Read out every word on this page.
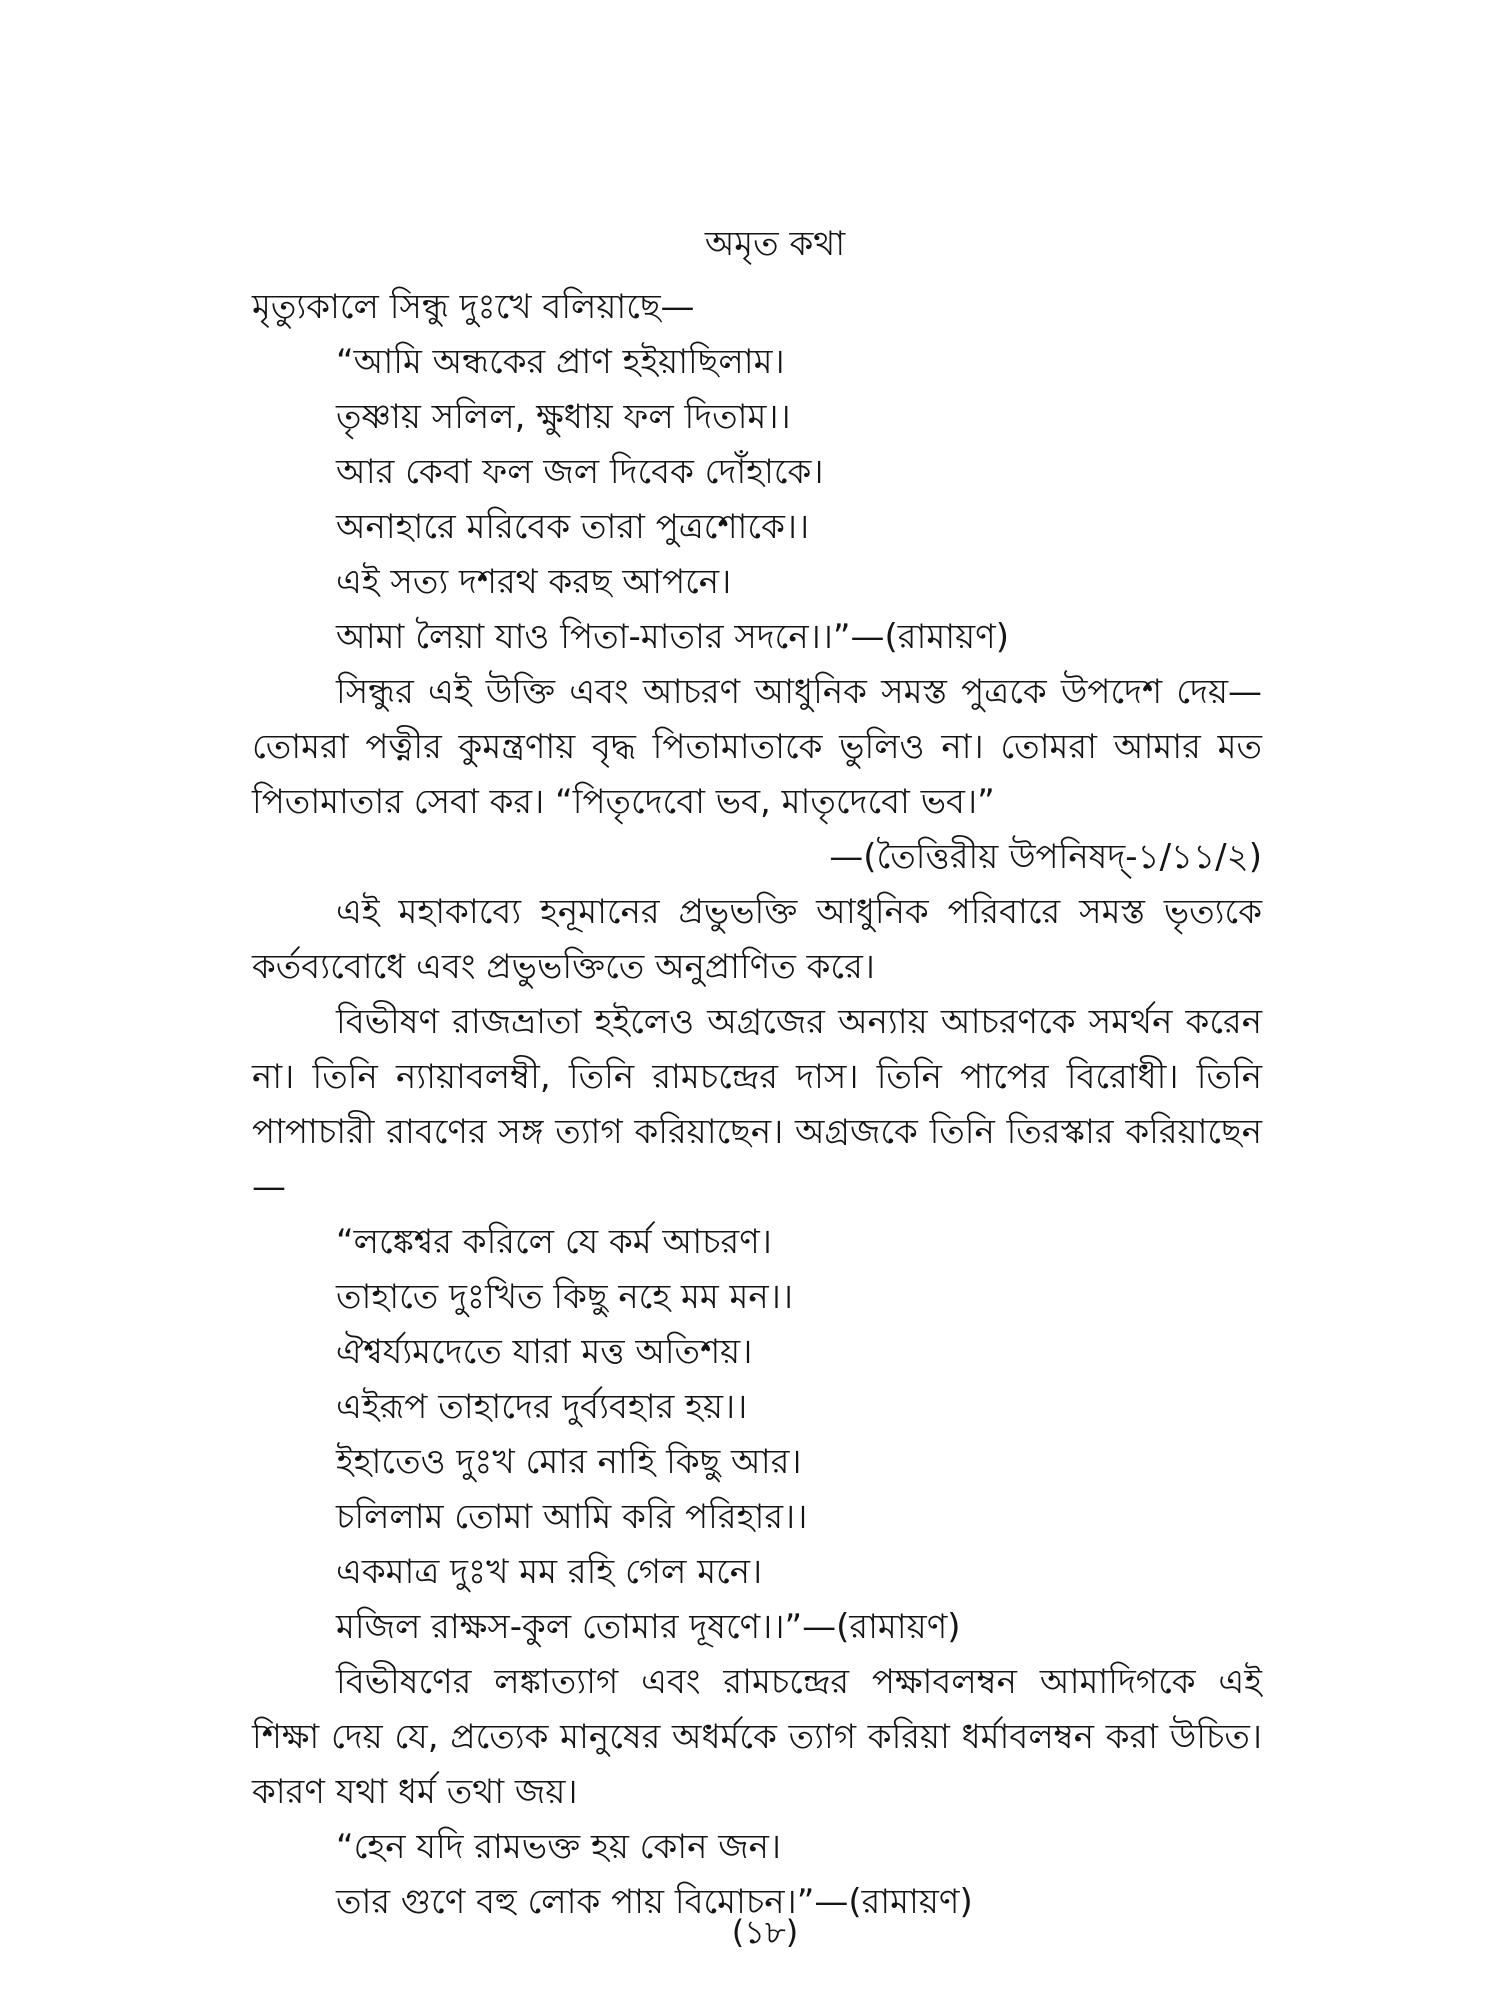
অমৃত কথা
মৃত্যুকালে সিন্ধু দুঃখে বলিয়াছে—
“আমি অন্ধকের প্রাণ হইয়াছিলাম।
তৃষ্ণায় সলিল, ক্ষুধায় ফল দিতাম।।
আর কেবা ফল জল দিবেক দোঁহাকে।
অনাহারে মরিবেক তারা পুত্রশোকে।।
এই সত্য দশরথ করছ আপনে।
আমা লৈয়া যাও পিতা-মাতার সদনে।।”—(রামায়ণ)

সিন্ধুর এই উক্তি এবং আচরণ আধুনিক সমস্ত পুত্রকে উপদেশ দেয়— তোমরা পত্নীর কুমন্ত্রণায় বৃদ্ধ পিতামাতাকে ভুলিও না। তোমরা আমার মত পিতামাতার সেবা কর। “পিতৃদেবো ভব, মাতৃদেবো ভব।”

—(তৈত্তিরীয় উপনিষদ্-১/১১/২)

এই মহাকাব্যে হনূমানের প্রভুভক্তি আধুনিক পরিবারে সমস্ত ভৃত্যকে কর্তব্যবোধে এবং প্রভুভক্তিতে অনুপ্রাণিত করে।

বিভীষণ রাজভ্রাতা হইলেও অগ্রজের অন্যায় আচরণকে সমর্থন করেন না। তিনি ন্যায়াবলম্বী, তিনি রামচন্দ্রের দাস। তিনি পাপের বিরোধী। তিনি পাপাচারী রাবণের সঙ্গ ত্যাগ করিয়াছেন। অগ্রজকে তিনি তিরস্কার করিয়াছেন—

“লঙ্কেশ্বর করিলে যে কর্ম আচরণ।
তাহাতে দুঃখিত কিছু নহে মম মন।।
ঐশ্বর্য্যমদেতে যারা মত্ত অতিশয়।
এইরূপ তাহাদের দুর্ব্যবহার হয়।।
ইহাতেও দুঃখ মোর নাহি কিছু আর।
চলিলাম তোমা আমি করি পরিহার।।
একমাত্র দুঃখ মম রহি গেল মনে।
মজিল রাক্ষস-কুল তোমার দূষণে।।”—(রামায়ণ)

বিভীষণের লঙ্কাত্যাগ এবং রামচন্দ্রের পক্ষাবলম্বন আমাদিগকে এই শিক্ষা দেয় যে, প্রত্যেক মানুষের অধর্মকে ত্যাগ করিয়া ধর্মাবলম্বন করা উচিত। কারণ যথা ধর্ম তথা জয়।

“হেন যদি রামভক্ত হয় কোন জন।
তার গুণে বহু লোক পায় বিমোচন।”—(রামায়ণ)
(১৮)
